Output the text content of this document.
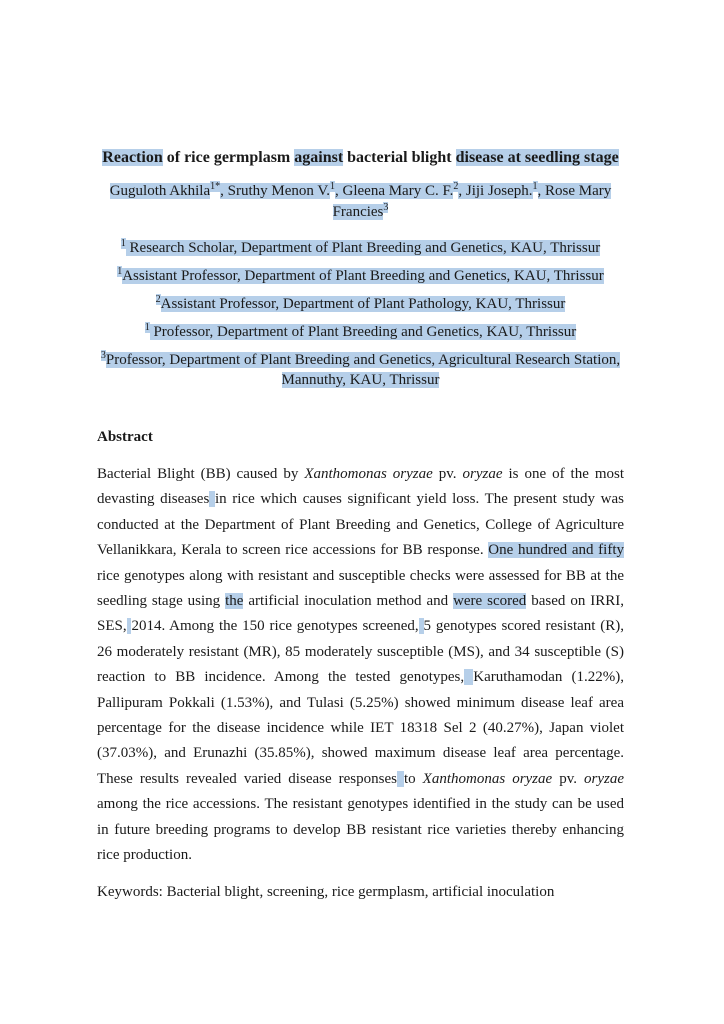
Reaction of rice germplasm against bacterial blight disease at seedling stage

Guguloth Akhila$^{1*}$, Sruthy Menon V.$^1$, Gleena Mary C. F.$^2$, Jiji Joseph.$^1$, Rose Mary Francies$^3$

$^1$ Research Scholar, Department of Plant Breeding and Genetics, KAU, Thrissur

$^1$Assistant Professor, Department of Plant Breeding and Genetics, KAU, Thrissur

$^2$Assistant Professor, Department of Plant Pathology, KAU, Thrissur

$^1$ Professor, Department of Plant Breeding and Genetics, KAU, Thrissur

$^3$Professor, Department of Plant Breeding and Genetics, Agricultural Research Station, Mannuthy, KAU, Thrissur

Abstract

Bacterial Blight (BB) caused by Xanthomonas oryzae pv. oryzae is one of the most devasting diseases in rice which causes significant yield loss. The present study was conducted at the Department of Plant Breeding and Genetics, College of Agriculture Vellanikkara, Kerala to screen rice accessions for BB response. One hundred and fifty rice genotypes along with resistant and susceptible checks were assessed for BB at the seedling stage using the artificial inoculation method and were scored based on IRRI, SES, 2014. Among the 150 rice genotypes screened, 5 genotypes scored resistant (R), 26 moderately resistant (MR), 85 moderately susceptible (MS), and 34 susceptible (S) reaction to BB incidence. Among the tested genotypes, Karuthamodan (1.22%), Pallipuram Pokkali (1.53%), and Tulasi (5.25%) showed minimum disease leaf area percentage for the disease incidence while IET 18318 Sel 2 (40.27%), Japan violet (37.03%), and Erunazhi (35.85%), showed maximum disease leaf area percentage. These results revealed varied disease responses to Xanthomonas oryzae pv. oryzae among the rice accessions. The resistant genotypes identified in the study can be used in future breeding programs to develop BB resistant rice varieties thereby enhancing rice production.

Keywords: Bacterial blight, screening, rice germplasm, artificial inoculation
